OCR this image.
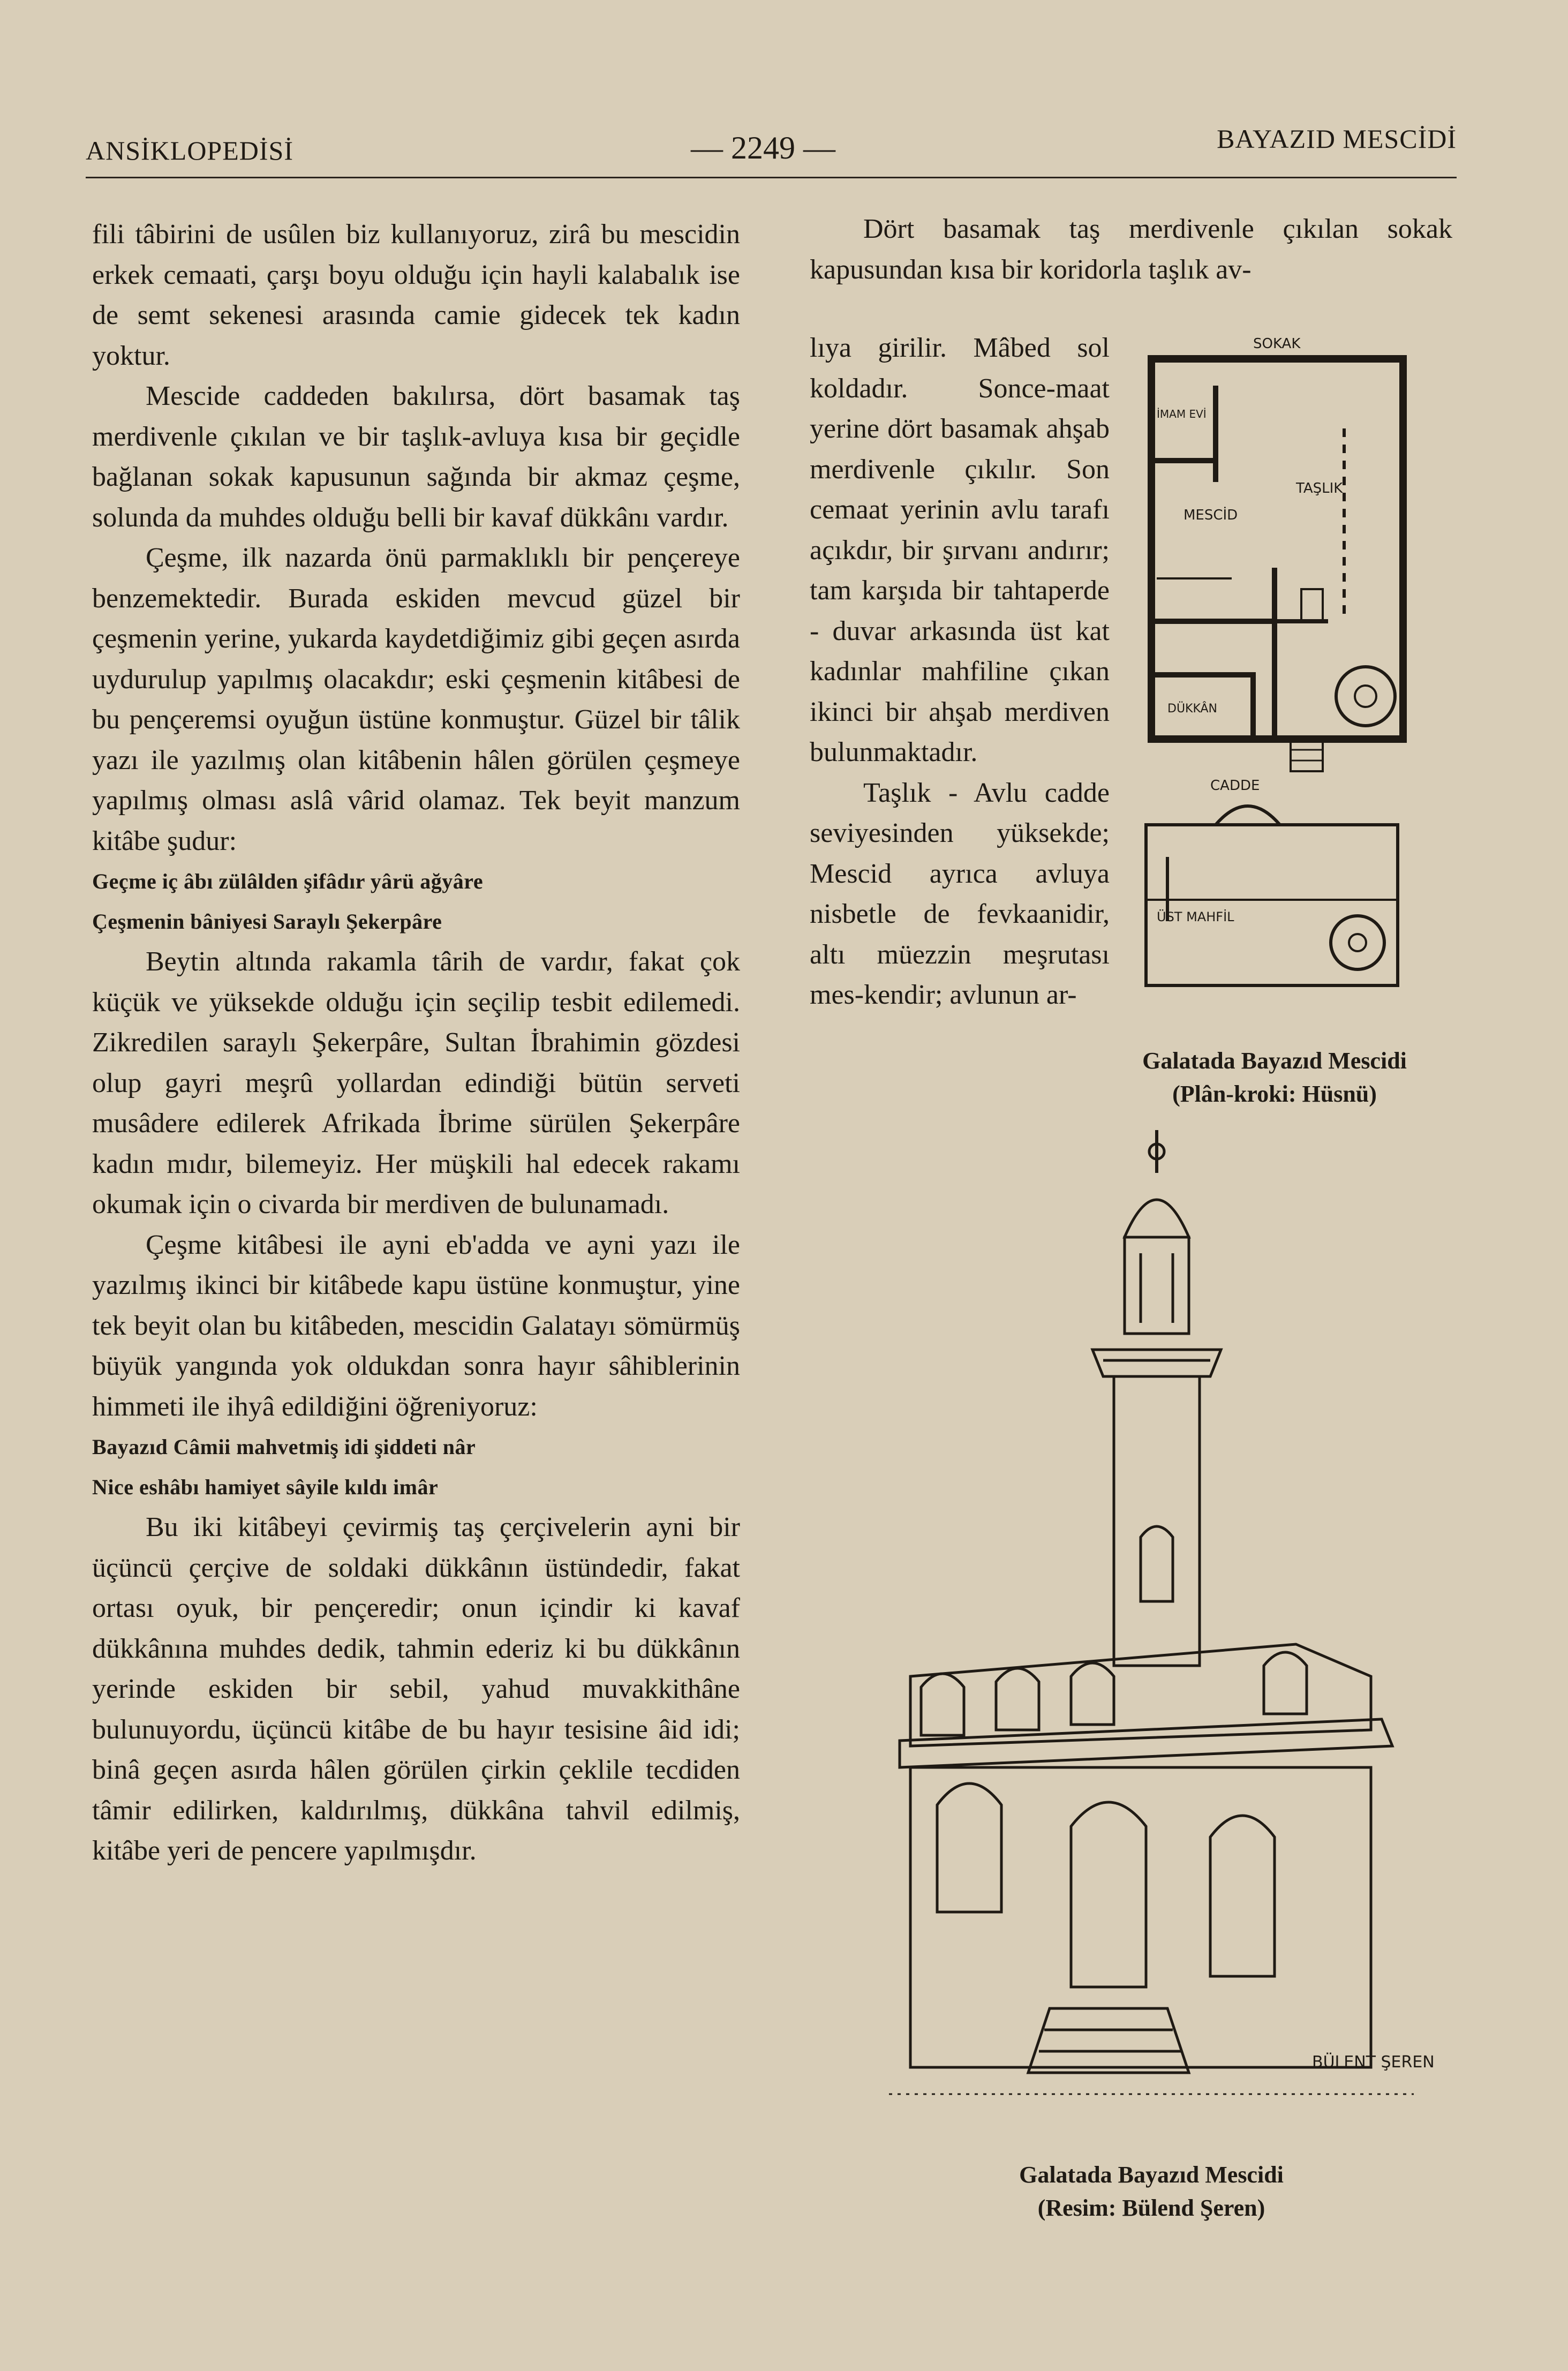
ANSİKLOPEDİSİ	— 2249 —	BAYAZID MESCİDİ

fili tâbirini de usûlen biz kullanıyoruz, zirâ bu mescidin erkek cemaati, çarşı boyu olduğu için hayli kalabalık ise de semt sekenesi arasında camie gidecek tek kadın yoktur.

Mescide caddeden bakılırsa, dört basamak taş merdivenle çıkılan ve bir taşlık-avluya kısa bir geçidle bağlanan sokak kapusunun sağında bir akmaz çeşme, solunda da muhdes olduğu belli bir kavaf dükkânı vardır.

Çeşme, ilk nazarda önü parmaklıklı bir pençereye benzemektedir. Burada eskiden mevcud güzel bir çeşmenin yerine, yukarda kaydetdiğimiz gibi geçen asırda uydurulup yapılmış olacakdır; eski çeşmenin kitâbesi de bu pençeremsi oyuğun üstüne konmuştur. Güzel bir tâlik yazı ile yazılmış olan kitâbenin hâlen görülen çeşmeye yapılmış olması aslâ vârid olamaz. Tek beyit manzum kitâbe şudur:

Geçme iç âbı zülâlden şifâdır yârü ağyâre

Çeşmenin bâniyesi Saraylı Şekerpâre

Beytin altında rakamla târih de vardır, fakat çok küçük ve yüksekde olduğu için seçilip tesbit edilemedi. Zikredilen saraylı Şekerpâre, Sultan İbrahimin gözdesi olup gayri meşrû yollardan edindiği bütün serveti musâdere edilerek Afrikada İbrime sürülen Şekerpâre kadın mıdır, bilemeyiz. Her müşkili hal edecek rakamı okumak için o civarda bir merdiven de bulunamadı.

Çeşme kitâbesi ile ayni eb'adda ve ayni yazı ile yazılmış ikinci bir kitâbede kapu üstüne konmuştur, yine tek beyit olan bu kitâbeden, mescidin Galatayı sömürmüş büyük yangında yok oldukdan sonra hayır sâhiblerinin himmeti ile ihyâ edildiğini öğreniyoruz:

Bayazıd Câmii mahvetmiş idi şiddeti nâr

Nice eshâbı hamiyet sâyile kıldı imâr

Bu iki kitâbeyi çevirmiş taş çerçivelerin ayni bir üçüncü çerçive de soldaki dükkânın üstündedir, fakat ortası oyuk, bir pençeredir; onun içindir ki kavaf dükkânına muhdes dedik, tahmin ederiz ki bu dükkânın yerinde eskiden bir sebil, yahud muvakkithâne bulunuyordu, üçüncü kitâbe de bu hayır tesisine âid idi; binâ geçen asırda hâlen görülen çirkin çeklile tecdiden tâmir edilirken, kaldırılmış, dükkâna tahvil edilmiş, kitâbe yeri de pencere yapılmışdır.

Dört basamak taş merdivenle çıkılan sokak kapusundan kısa bir koridorla taşlık av-

lıya girilir. Mâbed sol koldadır. Sonce-maat yerine dört basamak ahşab merdivenle çıkılır. Son cemaat yerinin avlu tarafı açıkdır, bir şırvanı andırır; tam karşıda bir tahtaperde - duvar arkasında üst kat kadınlar mahfiline çıkan ikinci bir ahşab merdiven bulunmaktadır.

Taşlık - Avlu cadde seviyesinden yüksekde; Mescid ayrıca avluya nisbetle de fevkaanidir, altı müezzin meşrutası mes-kendir; avlunun ar-

SOKAK
İMAM EVİ
TAŞLIK
MESCİD
DÜKKÂN
CADDE
ÜST MAHFİL
Galatada Bayazıd Mescidi
(Plân-kroki: Hüsnü)
BÜLENT ŞEREN
Galatada Bayazıd Mescidi
(Resim: Bülend Şeren)
